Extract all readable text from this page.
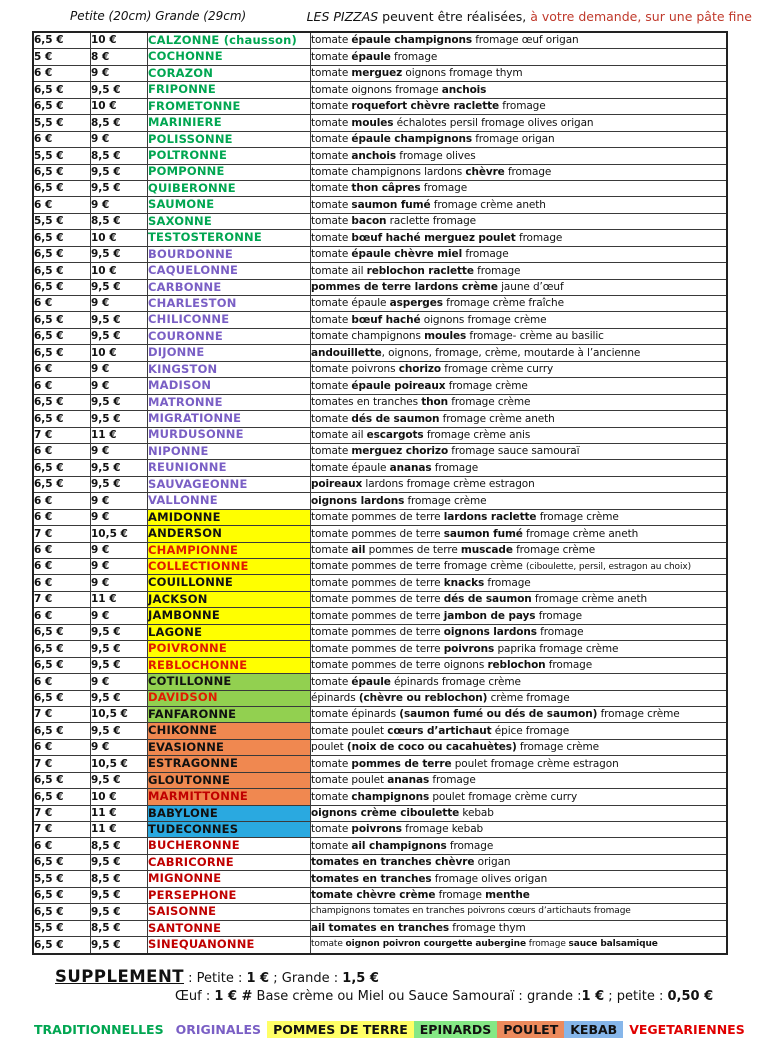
Petite (20cm) Grande (29cm)	LES PIZZAS peuvent être réalisées, à votre demande, sur une pâte fine
6,5 €	10 €	CALZONNE (chausson)	tomate épaule champignons fromage œuf origan
5 €	8 €	COCHONNE	tomate épaule fromage
6 €	9 €	CORAZON	tomate merguez oignons fromage thym
6,5 €	9,5 €	FRIPONNE	tomate oignons fromage anchois
6,5 €	10 €	FROMETONNE	tomate roquefort chèvre raclette fromage
5,5 €	8,5 €	MARINIERE	tomate moules échalotes persil fromage olives origan
6 €	9 €	POLISSONNE	tomate épaule champignons fromage origan
5,5 €	8,5 €	POLTRONNE	tomate anchois fromage olives
6,5 €	9,5 €	POMPONNE	tomate champignons lardons chèvre fromage
6,5 €	9,5 €	QUIBERONNE	tomate thon câpres fromage
6 €	9 €	SAUMONE	tomate saumon fumé fromage crème aneth
5,5 €	8,5 €	SAXONNE	tomate bacon raclette fromage
6,5 €	10 €	TESTOSTERONNE	tomate bœuf haché merguez poulet fromage
6,5 €	9,5 €	BOURDONNE	tomate épaule chèvre miel fromage
6,5 €	10 €	CAQUELONNE	tomate ail reblochon raclette fromage
6,5 €	9,5 €	CARBONNE	pommes de terre lardons crème jaune d’œuf
6 €	9 €	CHARLESTON	tomate épaule asperges fromage crème fraîche
6,5 €	9,5 €	CHILICONNE	tomate bœuf haché oignons fromage crème
6,5 €	9,5 €	COURONNE	tomate champignons moules fromage- crème au basilic
6,5 €	10 €	DIJONNE	andouillette, oignons, fromage, crème, moutarde à l’ancienne
6 €	9 €	KINGSTON	tomate poivrons chorizo fromage crème curry
6 €	9 €	MADISON	tomate épaule poireaux fromage crème
6,5 €	9,5 €	MATRONNE	tomates en tranches thon fromage crème
6,5 €	9,5 €	MIGRATIONNE	tomate dés de saumon fromage crème aneth
7 €	11 €	MURDUSONNE	tomate ail escargots fromage crème anis
6 €	9 €	NIPONNE	tomate merguez chorizo fromage sauce samouraï
6,5 €	9,5 €	REUNIONNE	tomate épaule ananas fromage
6,5 €	9,5 €	SAUVAGEONNE	poireaux lardons fromage crème estragon
6 €	9 €	VALLONNE	oignons lardons fromage crème
6 €	9 €	AMIDONNE	tomate pommes de terre lardons raclette fromage crème
7 €	10,5 €	ANDERSON	tomate pommes de terre saumon fumé fromage crème aneth
6 €	9 €	CHAMPIONNE	tomate ail pommes de terre muscade fromage crème
6 €	9 €	COLLECTIONNE	tomate pommes de terre fromage crème (ciboulette, persil, estragon au choix)
6 €	9 €	COUILLONNE	tomate pommes de terre knacks fromage
7 €	11 €	JACKSON	tomate pommes de terre dés de saumon fromage crème aneth
6 €	9 €	JAMBONNE	tomate pommes de terre jambon de pays fromage
6,5 €	9,5 €	LAGONE	tomate pommes de terre oignons lardons fromage
6,5 €	9,5 €	POIVRONNE	tomate pommes de terre poivrons paprika fromage crème
6,5 €	9,5 €	REBLOCHONNE	tomate pommes de terre oignons reblochon fromage
6 €	9 €	COTILLONNE	tomate épaule épinards fromage crème
6,5 €	9,5 €	DAVIDSON	épinards (chèvre ou reblochon) crème fromage
7 €	10,5 €	FANFARONNE	tomate épinards (saumon fumé ou dés de saumon) fromage crème
6,5 €	9,5 €	CHIKONNE	tomate poulet cœurs d’artichaut épice fromage
6 €	9 €	EVASIONNE	poulet (noix de coco ou cacahuètes) fromage crème
7 €	10,5 €	ESTRAGONNE	tomate pommes de terre poulet fromage crème estragon
6,5 €	9,5 €	GLOUTONNE	tomate poulet ananas fromage
6,5 €	10 €	MARMITTONNE	tomate champignons poulet fromage crème curry
7 €	11 €	BABYLONE	oignons crème ciboulette kebab
7 €	11 €	TUDECONNES	tomate poivrons fromage kebab
6 €	8,5 €	BUCHERONNE	tomate ail champignons fromage
6,5 €	9,5 €	CABRICORNE	tomates en tranches chèvre origan
5,5 €	8,5 €	MIGNONNE	tomates en tranches fromage olives origan
6,5 €	9,5 €	PERSEPHONE	tomate chèvre crème fromage menthe
6,5 €	9,5 €	SAISONNE	champignons tomates en tranches poivrons cœurs d’artichauts fromage
5,5 €	8,5 €	SANTONNE	ail tomates en tranches fromage thym
6,5 €	9,5 €	SINEQUANONNE	tomate oignon poivron courgette aubergine fromage sauce balsamique
SUPPLEMENT : Petite : 1 € ; Grande : 1,5 €
Œuf : 1 € # Base crème ou Miel ou Sauce Samouraï : grande :1 € ; petite : 0,50 €
TRADITIONNELLES ORIGINALES POMMES DE TERRE EPINARDS POULET KEBAB VEGETARIENNES
